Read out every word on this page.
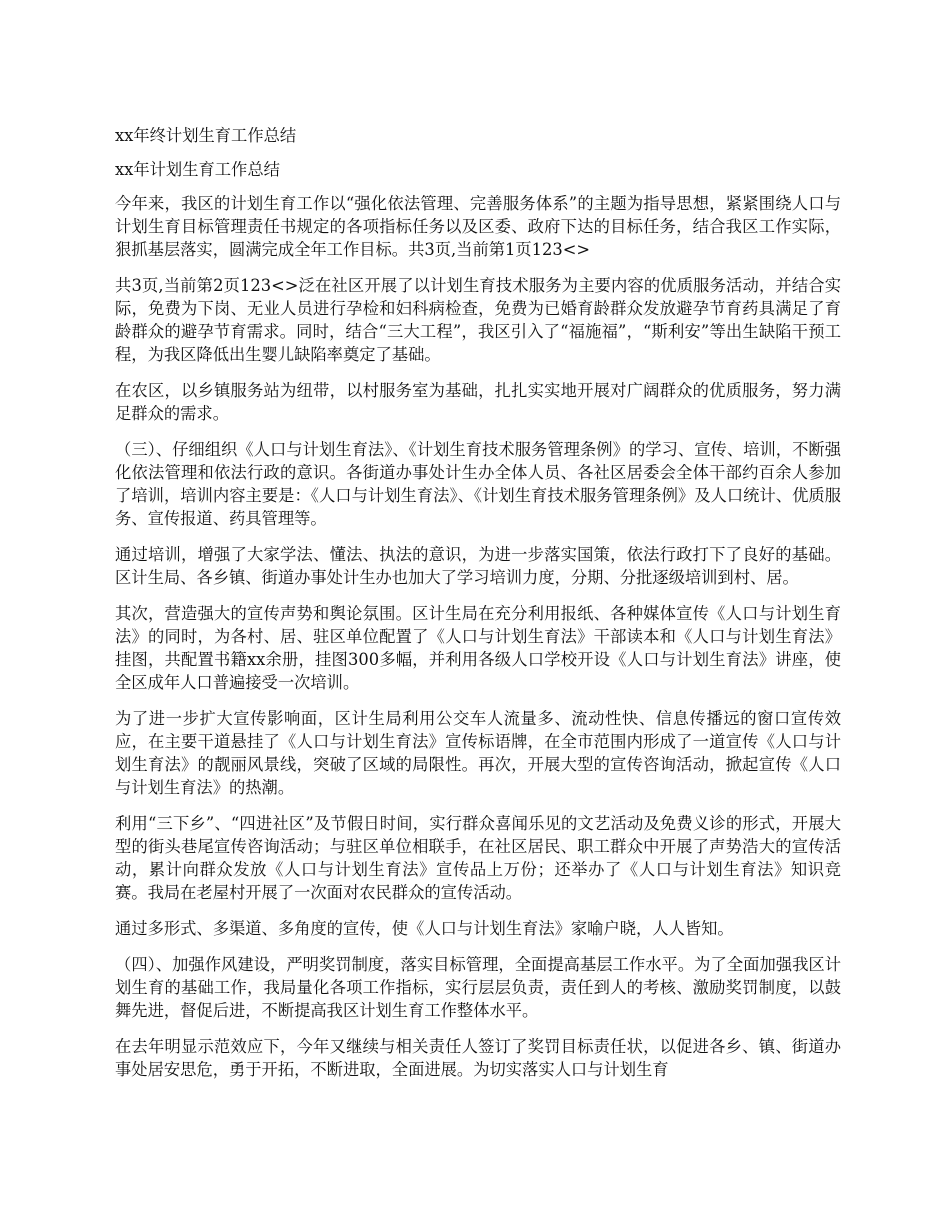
xx年终计划生育工作总结

xx年计划生育工作总结

今年来，我区的计划生育工作以“强化依法管理、完善服务体系”的主题为指导思想，紧紧围绕人口与计划生育目标管理责任书规定的各项指标任务以及区委、政府下达的目标任务，结合我区工作实际，狠抓基层落实，圆满完成全年工作目标。共3页,当前第1页123<>

共3页,当前第2页123<>泛在社区开展了以计划生育技术服务为主要内容的优质服务活动，并结合实际，免费为下岗、无业人员进行孕检和妇科病检查，免费为已婚育龄群众发放避孕节育药具满足了育龄群众的避孕节育需求。同时，结合“三大工程”，我区引入了“福施福”，“斯利安”等出生缺陷干预工程，为我区降低出生婴儿缺陷率奠定了基础。

在农区，以乡镇服务站为纽带，以村服务室为基础，扎扎实实地开展对广阔群众的优质服务，努力满足群众的需求。

（三）、仔细组织《人口与计划生育法》、《计划生育技术服务管理条例》的学习、宣传、培训，不断强化依法管理和依法行政的意识。各街道办事处计生办全体人员、各社区居委会全体干部约百余人参加了培训，培训内容主要是：《人口与计划生育法》、《计划生育技术服务管理条例》及人口统计、优质服务、宣传报道、药具管理等。

通过培训，增强了大家学法、懂法、执法的意识，为进一步落实国策，依法行政打下了良好的基础。区计生局、各乡镇、街道办事处计生办也加大了学习培训力度，分期、分批逐级培训到村、居。

其次，营造强大的宣传声势和舆论氛围。区计生局在充分利用报纸、各种媒体宣传《人口与计划生育法》的同时，为各村、居、驻区单位配置了《人口与计划生育法》干部读本和《人口与计划生育法》挂图，共配置书籍xx余册，挂图300多幅，并利用各级人口学校开设《人口与计划生育法》讲座，使全区成年人口普遍接受一次培训。

为了进一步扩大宣传影响面，区计生局利用公交车人流量多、流动性快、信息传播远的窗口宣传效应，在主要干道悬挂了《人口与计划生育法》宣传标语牌，在全市范围内形成了一道宣传《人口与计划生育法》的靓丽风景线，突破了区域的局限性。再次，开展大型的宣传咨询活动，掀起宣传《人口与计划生育法》的热潮。

利用“三下乡”、“四进社区”及节假日时间，实行群众喜闻乐见的文艺活动及免费义诊的形式，开展大型的街头巷尾宣传咨询活动；与驻区单位相联手，在社区居民、职工群众中开展了声势浩大的宣传活动，累计向群众发放《人口与计划生育法》宣传品上万份；还举办了《人口与计划生育法》知识竞赛。我局在老屋村开展了一次面对农民群众的宣传活动。

通过多形式、多渠道、多角度的宣传，使《人口与计划生育法》家喻户晓，人人皆知。

（四）、加强作风建设，严明奖罚制度，落实目标管理，全面提高基层工作水平。为了全面加强我区计划生育的基础工作，我局量化各项工作指标，实行层层负责，责任到人的考核、激励奖罚制度，以鼓舞先进，督促后进，不断提高我区计划生育工作整体水平。

在去年明显示范效应下，今年又继续与相关责任人签订了奖罚目标责任状，以促进各乡、镇、街道办事处居安思危，勇于开拓，不断进取，全面进展。为切实落实人口与计划生育
